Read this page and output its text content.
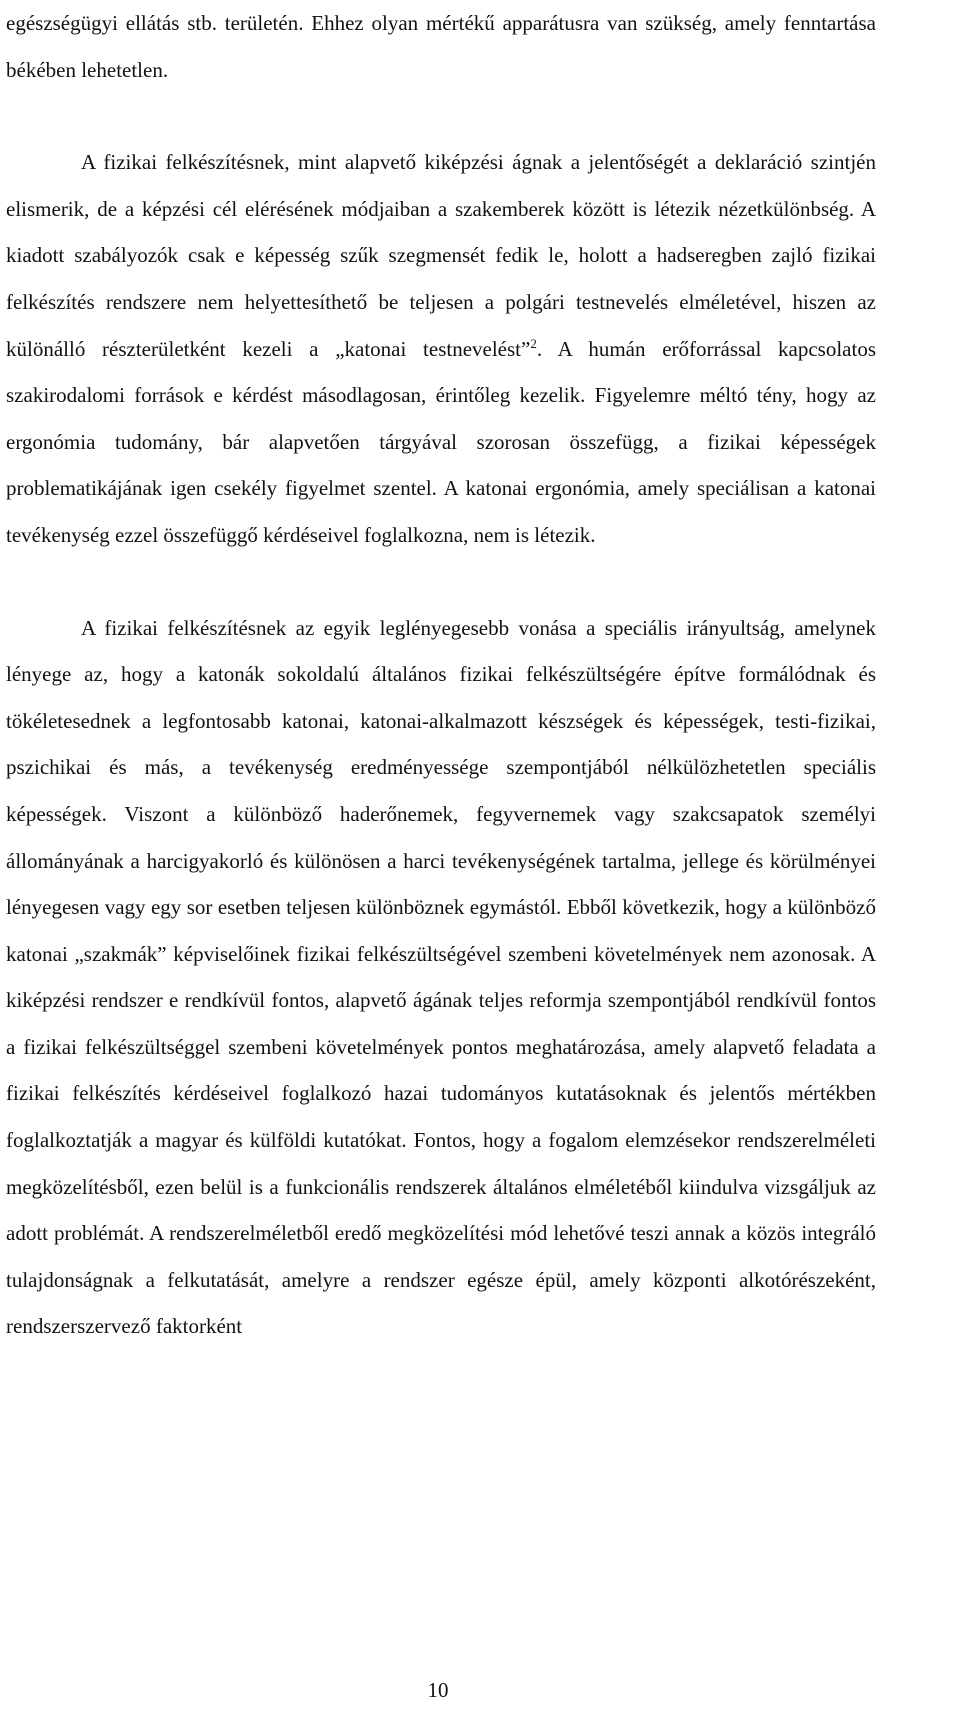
egészségügyi ellátás stb. területén. Ehhez olyan mértékű apparátusra van szükség, amely fenntartása békében lehetetlen.

A fizikai felkészítésnek, mint alapvető kiképzési ágnak a jelentőségét a deklaráció szintjén elismerik, de a képzési cél elérésének módjaiban a szakemberek között is létezik nézetkülönbség. A kiadott szabályozók csak e képesség szűk szegmensét fedik le, holott a hadseregben zajló fizikai felkészítés rendszere nem helyettesíthető be teljesen a polgári testnevelés elméletével, hiszen az különálló részterületként kezeli a „katonai testnevelést”$^2$. A humán erőforrással kapcsolatos szakirodalomi források e kérdést másodlagosan, érintőleg kezelik. Figyelemre méltó tény, hogy az ergonómia tudomány, bár alapvetően tárgyával szorosan összefügg, a fizikai képességek problematikájának igen csekély figyelmet szentel. A katonai ergonómia, amely speciálisan a katonai tevékenység ezzel összefüggő kérdéseivel foglalkozna, nem is létezik.

A fizikai felkészítésnek az egyik leglényegesebb vonása a speciális irányultság, amelynek lényege az, hogy a katonák sokoldalú általános fizikai felkészültségére építve formálódnak és tökéletesednek a legfontosabb katonai, katonai-alkalmazott készségek és képességek, testi-fizikai, pszichikai és más, a tevékenység eredményessége szempontjából nélkülözhetetlen speciális képességek. Viszont a különböző haderőnemek, fegyvernemek vagy szakcsapatok személyi állományának a harcigyakorló és különösen a harci tevékenységének tartalma, jellege és körülményei lényegesen vagy egy sor esetben teljesen különböznek egymástól. Ebből következik, hogy a különböző katonai „szakmák” képviselőinek fizikai felkészültségével szembeni követelmények nem azonosak. A kiképzési rendszer e rendkívül fontos, alapvető ágának teljes reformja szempontjából rendkívül fontos a fizikai felkészültséggel szembeni követelmények pontos meghatározása, amely alapvető feladata a fizikai felkészítés kérdéseivel foglalkozó hazai tudományos kutatásoknak és jelentős mértékben foglalkoztatják a magyar és külföldi kutatókat. Fontos, hogy a fogalom elemzésekor rendszerelméleti megközelítésből, ezen belül is a funkcionális rendszerek általános elméletéből kiindulva vizsgáljuk az adott problémát. A rendszerelméletből eredő megközelítési mód lehetővé teszi annak a közös integráló tulajdonságnak a felkutatását, amelyre a rendszer egésze épül, amely központi alkotórészeként, rendszerszervező faktorként

10
